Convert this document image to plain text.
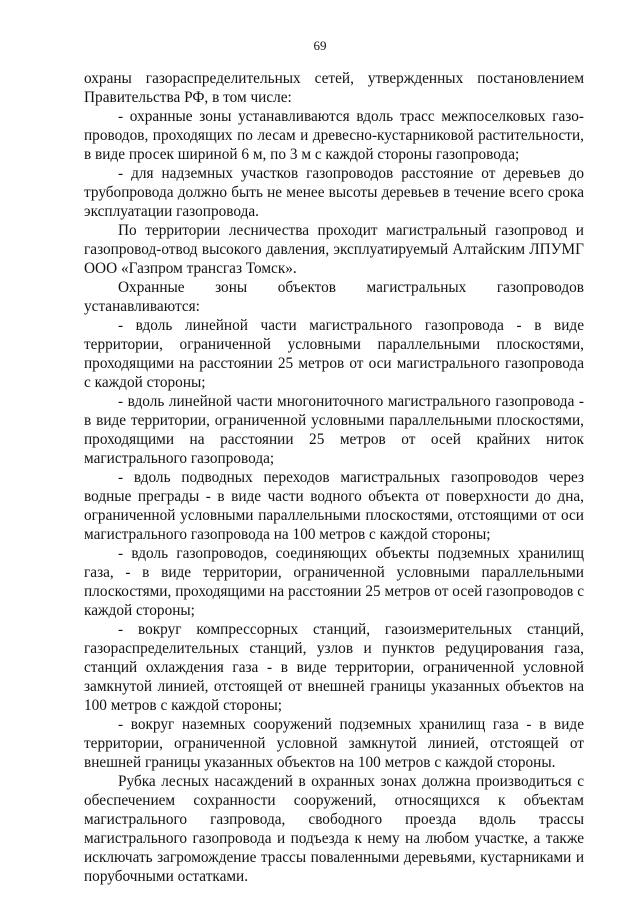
69

охраны газораспределительных сетей, утвержденных постановлением Правительства РФ, в том числе:

- охранные зоны устанавливаются вдоль трасс межпоселковых газопроводов, проходящих по лесам и древесно-кустарниковой растительности, в виде просек шириной 6 м, по 3 м с каждой стороны газопровода;

- для надземных участков газопроводов расстояние от деревьев до трубопровода должно быть не менее высоты деревьев в течение всего срока эксплуатации газопровода.

По территории лесничества проходит магистральный газопровод и газопровод-отвод высокого давления, эксплуатируемый Алтайским ЛПУМГ ООО «Газпром трансгаз Томск».

Охранные зоны объектов магистральных газопроводов устанавливаются:

- вдоль линейной части магистрального газопровода - в виде территории, ограниченной условными параллельными плоскостями, проходящими на расстоянии 25 метров от оси магистрального газопровода с каждой стороны;

- вдоль линейной части многониточного магистрального газопровода - в виде территории, ограниченной условными параллельными плоскостями, проходящими на расстоянии 25 метров от осей крайних ниток магистрального газопровода;

- вдоль подводных переходов магистральных газопроводов через водные преграды - в виде части водного объекта от поверхности до дна, ограниченной условными параллельными плоскостями, отстоящими от оси магистрального газопровода на 100 метров с каждой стороны;

- вдоль газопроводов, соединяющих объекты подземных хранилищ газа, - в виде территории, ограниченной условными параллельными плоскостями, проходящими на расстоянии 25 метров от осей газопроводов с каждой стороны;

- вокруг компрессорных станций, газоизмерительных станций, газораспределительных станций, узлов и пунктов редуцирования газа, станций охлаждения газа - в виде территории, ограниченной условной замкнутой линией, отстоящей от внешней границы указанных объектов на 100 метров с каждой стороны;

- вокруг наземных сооружений подземных хранилищ газа - в виде территории, ограниченной условной замкнутой линией, отстоящей от внешней границы указанных объектов на 100 метров с каждой стороны.

Рубка лесных насаждений в охранных зонах должна производиться с обеспечением сохранности сооружений, относящихся к объектам магистрального газпровода, свободного проезда вдоль трассы магистрального газопровода и подъезда к нему на любом участке, а также исключать загромождение трассы поваленными деревьями, кустарниками и порубочными остатками.
